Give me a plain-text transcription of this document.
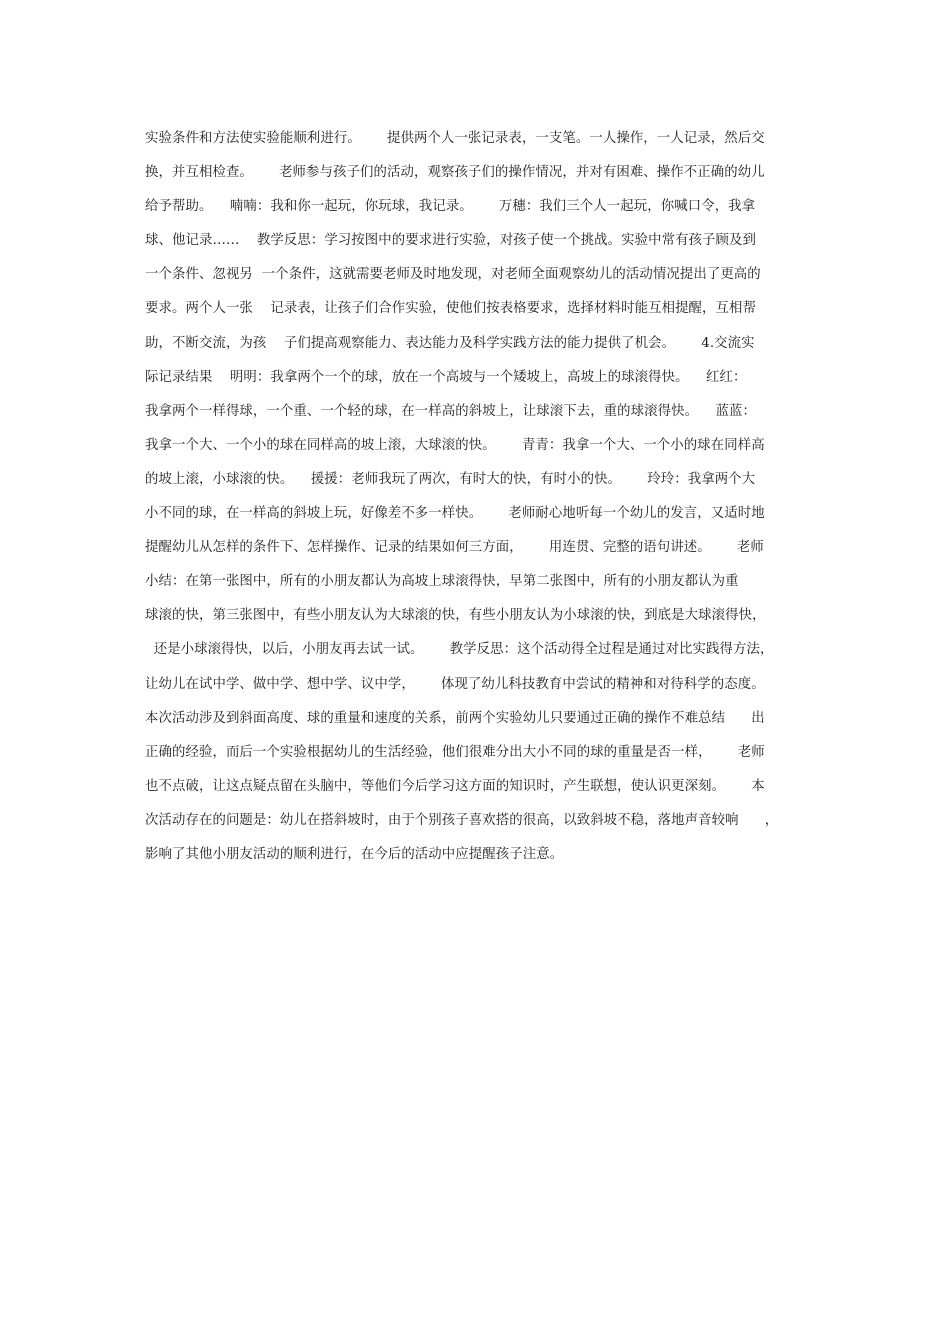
实验条件和方法使实验能顺利进行。      提供两个人一张记录表，一支笔。一人操作，一人记录，然后交
换，并互相检查。      老师参与孩子们的活动，观察孩子们的操作情况，并对有困难、操作不正确的幼儿
给予帮助。    喃喃：我和你一起玩，你玩球，我记录。      万穗：我们三个人一起玩，你喊口令，我拿
球、他记录……    教学反思：学习按图中的要求进行实验，对孩子使一个挑战。实验中常有孩子顾及到
一个条件、忽视另  一个条件，这就需要老师及时地发现，对老师全面观察幼儿的活动情况提出了更高的
要求。两个人一张    记录表，让孩子们合作实验，使他们按表格要求，选择材料时能互相提醒，互相帮
助，不断交流，为孩    子们提高观察能力、表达能力及科学实践方法的能力提供了机会。      4.交流实
际记录结果    明明：我拿两个一个的球，放在一个高坡与一个矮坡上，高坡上的球滚得快。    红红：
我拿两个一样得球，一个重、一个轻的球，在一样高的斜坡上，让球滚下去，重的球滚得快。    蓝蓝：
我拿一个大、一个小的球在同样高的坡上滚，大球滚的快。      青青：我拿一个大、一个小的球在同样高
的坡上滚，小球滚的快。    援援：老师我玩了两次，有时大的快，有时小的快。      玲玲：我拿两个大
小不同的球，在一样高的斜坡上玩，好像差不多一样快。      老师耐心地听每一个幼儿的发言，又适时地
提醒幼儿从怎样的条件下、怎样操作、记录的结果如何三方面，      用连贯、完整的语句讲述。      老师
小结：在第一张图中，所有的小朋友都认为高坡上球滚得快，早第二张图中，所有的小朋友都认为重
球滚的快，第三张图中，有些小朋友认为大球滚的快，有些小朋友认为小球滚的快，到底是大球滚得快，
还是小球滚得快，以后，小朋友再去试一试。      教学反思：这个活动得全过程是通过对比实践得方法，
让幼儿在试中学、做中学、想中学、议中学，      体现了幼儿科技教育中尝试的精神和对待科学的态度。
本次活动涉及到斜面高度、球的重量和速度的关系，前两个实验幼儿只要通过正确的操作不难总结      出
正确的经验，而后一个实验根据幼儿的生活经验，他们很难分出大小不同的球的重量是否一样，      老师
也不点破，让这点疑点留在头脑中，等他们今后学习这方面的知识时，产生联想，使认识更深刻。      本
次活动存在的问题是：幼儿在搭斜坡时，由于个别孩子喜欢搭的很高，以致斜坡不稳，落地声音较响      ，
影响了其他小朋友活动的顺利进行，在今后的活动中应提醒孩子注意。
